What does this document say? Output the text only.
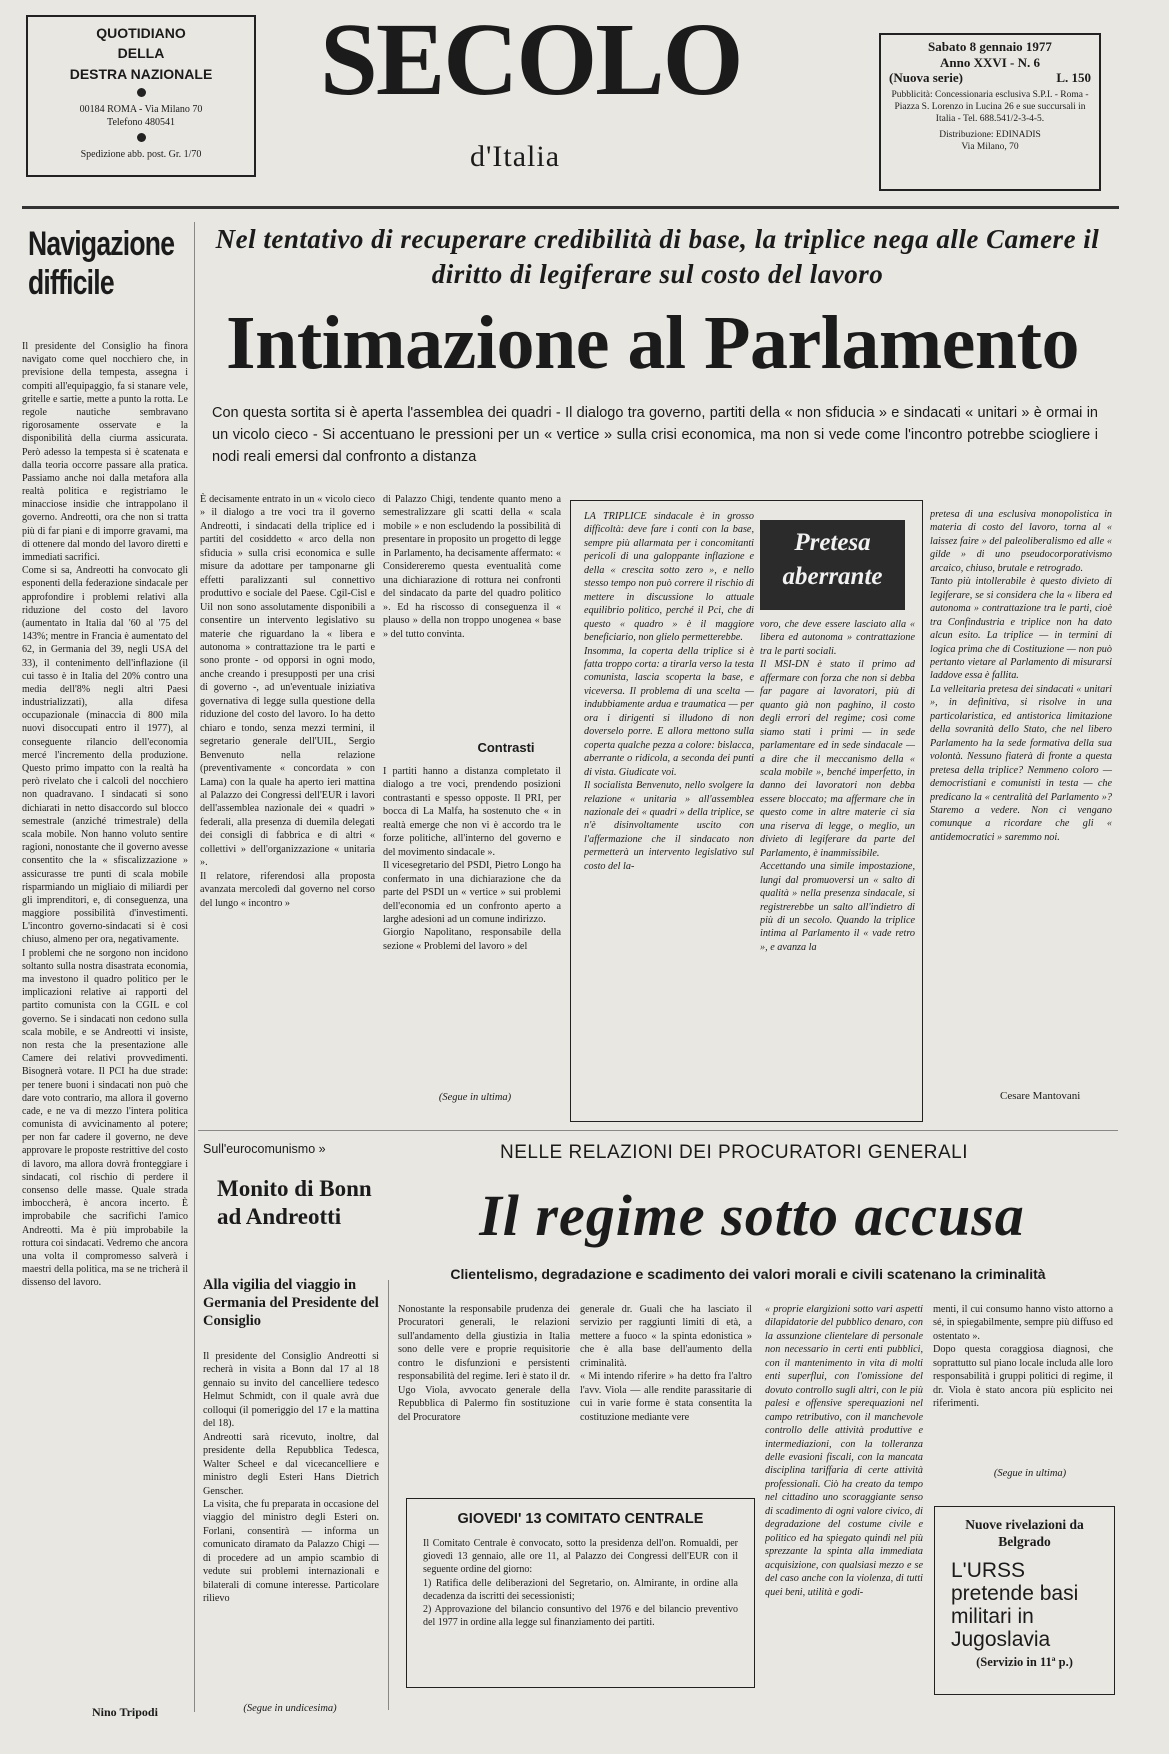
QUOTIDIANO
DELLA
DESTRA NAZIONALE
00184 ROMA - Via Milano 70
Telefono 480541
Spedizione abb. post. Gr. 1/70
SECOLO
d'Italia
Sabato 8 gennaio 1977
Anno XXVI - N. 6
(Nuova serie)	L. 150
Pubblicità: Concessionaria esclusiva S.P.I. - Roma - Piazza S. Lorenzo in Lucina 26 e sue succursali in Italia - Tel. 688.541/2-3-4-5.
Distribuzione: EDINADIS
Via Milano, 70
Navigazione difficile
Il presidente del Consiglio ha finora navigato come quel nocchiero che, in previsione della tempesta, assegna i compiti all'equipaggio, fa si stanare vele, gritelle e sartie, mette a punto la rotta. Le regole nautiche sembravano rigorosamente osservate e la disponibilità della ciurma assicurata. Però adesso la tempesta si è scatenata e dalla teoria occorre passare alla pratica. Passiamo anche noi dalla metafora alla realtà politica e registriamo le minacciose insidie che intrappolano il governo. Andreotti, ora che non si tratta più di far piani e di imporre gravami, ma di ottenere dal mondo del lavoro diretti e immediati sacrifici.
Come si sa, Andreotti ha convocato gli esponenti della federazione sindacale per approfondire i problemi relativi alla riduzione del costo del lavoro (aumentato in Italia dal '60 al '75 del 143%; mentre in Francia è aumentato del 62, in Germania del 39, negli USA del 33), il contenimento dell'inflazione (il cui tasso è in Italia del 20% contro una media dell'8% negli altri Paesi industrializzati), alla difesa occupazionale (minaccia di 800 mila nuovi disoccupati entro il 1977), al conseguente rilancio dell'economia mercé l'incremento della produzione. Questo primo impatto con la realtà ha però rivelato che i calcoli del nocchiero non quadravano. I sindacati si sono dichiarati in netto disaccordo sul blocco semestrale (anziché trimestrale) della scala mobile. Non hanno voluto sentire ragioni, nonostante che il governo avesse consentito che la « sfiscalizzazione » assicurasse tre punti di scala mobile risparmiando un migliaio di miliardi per gli imprenditori, e, di conseguenza, una maggiore possibilità d'investimenti. L'incontro governo-sindacati si è così chiuso, almeno per ora, negativamente.
I problemi che ne sorgono non incidono soltanto sulla nostra disastrata economia, ma investono il quadro politico per le implicazioni relative ai rapporti del partito comunista con la CGIL e col governo. Se i sindacati non cedono sulla scala mobile, e se Andreotti vi insiste, non resta che la presentazione alle Camere dei relativi provvedimenti. Bisognerà votare. Il PCI ha due strade: per tenere buoni i sindacati non può che dare voto contrario, ma allora il governo cade, e ne va di mezzo l'intera politica comunista di avvicinamento al potere; per non far cadere il governo, ne deve approvare le proposte restrittive del costo di lavoro, ma allora dovrà fronteggiare i sindacati, col rischio di perdere il consenso delle masse. Quale strada imboccherà, è ancora incerto. È improbabile che sacrifichi l'amico Andreotti. Ma è più improbabile la rottura coi sindacati. Vedremo che ancora una volta il compromesso salverà i maestri della politica, ma se ne tricherà il dissenso del lavoro.
Nino Tripodi
Nel tentativo di recuperare credibilità di base, la triplice nega alle Camere il diritto di legiferare sul costo del lavoro
Intimazione al Parlamento
Con questa sortita si è aperta l'assemblea dei quadri - Il dialogo tra governo, partiti della « non sfiducia » e sindacati « unitari » è ormai in un vicolo cieco - Si accentuano le pressioni per un « vertice » sulla crisi economica, ma non si vede come l'incontro potrebbe sciogliere i nodi reali emersi dal confronto a distanza
È decisamente entrato in un « vicolo cieco » il dialogo a tre voci tra il governo Andreotti, i sindacati della triplice ed i partiti del cosiddetto « arco della non sfiducia » sulla crisi economica e sulle misure da adottare per tamponarne gli effetti paralizzanti sul connettivo produttivo e sociale del Paese. Cgil-Cisl e Uil non sono assolutamente disponibili a consentire un intervento legislativo su materie che riguardano la « libera e autonoma » contrattazione tra le parti e sono pronte - od opporsi in ogni modo, anche creando i presupposti per una crisi di governo -, ad un'eventuale iniziativa governativa di legge sulla questione della riduzione del costo del lavoro. Io ha detto chiaro e tondo, senza mezzi termini, il segretario generale dell'UIL, Sergio Benvenuto nella relazione (preventivamente « concordata » con Lama) con la quale ha aperto ieri mattina al Palazzo dei Congressi dell'EUR i lavori dell'assemblea nazionale dei « quadri » federali, alla presenza di duemila delegati dei consigli di fabbrica e di altri « collettivi » dell'organizzazione « unitaria ».
Il relatore, riferendosi alla proposta avanzata mercoledì dal governo nel corso del lungo « incontro »
di Palazzo Chigi, tendente quanto meno a semestralizzare gli scatti della « scala mobile » e non escludendo la possibilità di presentare in proposito un progetto di legge in Parlamento, ha decisamente affermato: « Considereremo questa eventualità come una dichiarazione di rottura nei confronti del sindacato da parte del quadro politico ». Ed ha riscosso di conseguenza il « plauso » della non troppo unogenea « base » del tutto convinta.
Contrasti
I partiti hanno a distanza completato il dialogo a tre voci, prendendo posizioni contrastanti e spesso opposte. Il PRI, per bocca di La Malfa, ha sostenuto che « in realtà emerge che non vi è accordo tra le forze politiche, all'interno del governo e del movimento sindacale ».
Il vicesegretario del PSDI, Pietro Longo ha confermato in una dichiarazione che da parte del PSDI un « vertice » sui problemi dell'economia ed un confronto aperto a larghe adesioni ad un comune indirizzo.
Giorgio Napolitano, responsabile della sezione « Problemi del lavoro » del
(Segue in ultima)
LA TRIPLICE sindacale è in grosso difficoltà: deve fare i conti con la base, sempre più allarmata per i concomitanti pericoli di una galoppante inflazione e della « crescita sotto zero », e nello stesso tempo non può correre il rischio di mettere in discussione lo attuale equilibrio politico, perché il Pci, che di questo « quadro » è il maggiore beneficiario, non glielo permetterebbe.
Insomma, la coperta della triplice si è fatta troppo corta: a tirarla verso la testa comunista, lascia scoperta la base, e viceversa. Il problema di una scelta — indubbiamente ardua e traumatica — per ora i dirigenti si illudono di non doverselo porre. E allora mettono sulla coperta qualche pezza a colore: bislacca, aberrante o ridicola, a seconda dei punti di vista. Giudicate voi.
Il socialista Benvenuto, nello svolgere la relazione « unitaria » all'assemblea nazionale dei « quadri » della triplice, se n'è disinvoltamente uscito con l'affermazione che il sindacato non permetterà un intervento legislativo sul costo del la-
Pretesa aberrante
voro, che deve essere lasciato alla « libera ed autonoma » contrattazione tra le parti sociali.
Il MSI-DN è stato il primo ad affermare con forza che non si debba far pagare ai lavoratori, più di quanto già non paghino, il costo degli errori del regime; così come siamo stati i primi — in sede parlamentare ed in sede sindacale — a dire che il meccanismo della « scala mobile », benché imperfetto, in danno dei lavoratori non debba essere bloccato; ma affermare che in questo come in altre materie ci sia una riserva di legge, o meglio, un divieto di legiferare da parte del Parlamento, è inammissibile.
Accettando una simile impostazione, lungi dal promuoversi un « salto di qualità » nella presenza sindacale, si registrerebbe un salto all'indietro di più di un secolo. Quando la triplice intima al Parlamento il « vade retro », e avanza la
pretesa di una esclusiva monopolistica in materia di costo del lavoro, torna al « laissez faire » del paleoliberalismo ed alle « gilde » di uno pseudocorporativismo arcaico, chiuso, brutale e retrogrado.
Tanto più intollerabile è questo divieto di legiferare, se si considera che la « libera ed autonoma » contrattazione tra le parti, cioè tra Confindustria e triplice non ha dato alcun esito. La triplice — in termini di logica prima che di Costituzione — non può pertanto vietare al Parlamento di misurarsi laddove essa è fallita.
La velleitaria pretesa dei sindacati « unitari », in definitiva, si risolve in una particolaristica, ed antistorica limitazione della sovranità dello Stato, che nel libero Parlamento ha la sede formativa della sua volontà. Nessuno fiaterà di fronte a questa pretesa della triplice? Nemmeno coloro — democristiani e comunisti in testa — che predicano la « centralità del Parlamento »? Staremo a vedere. Non ci vengano comunque a ricordare che gli « antidemocratici » saremmo noi.
Cesare Mantovani
Sull'eurocomunismo »
Monito di Bonn ad Andreotti
Alla vigilia del viaggio in Germania del Presidente del Consiglio
Il presidente del Consiglio Andreotti si recherà in visita a Bonn dal 17 al 18 gennaio su invito del cancelliere tedesco Helmut Schmidt, con il quale avrà due colloqui (il pomeriggio del 17 e la mattina del 18).
Andreotti sarà ricevuto, inoltre, dal presidente della Repubblica Tedesca, Walter Scheel e dal vicecancelliere e ministro degli Esteri Hans Dietrich Genscher.
La visita, che fu preparata in occasione del viaggio del ministro degli Esteri on. Forlani, consentirà — informa un comunicato diramato da Palazzo Chigi — di procedere ad un ampio scambio di vedute sui problemi internazionali e bilaterali di comune interesse. Particolare rilievo
(Segue in undicesima)
NELLE RELAZIONI DEI PROCURATORI GENERALI
Il regime sotto accusa
Clientelismo, degradazione e scadimento dei valori morali e civili scatenano la criminalità
Nonostante la responsabile prudenza dei Procuratori generali, le relazioni sull'andamento della giustizia in Italia sono delle vere e proprie requisitorie contro le disfunzioni e persistenti responsabilità del regime. Ieri è stato il dr. Ugo Viola, avvocato generale della Repubblica di Palermo fin sostituzione del Procuratore
generale dr. Guali che ha lasciato il servizio per raggiunti limiti di età, a mettere a fuoco « la spinta edonistica » che è alla base dell'aumento della criminalità.
« Mi intendo riferire » ha detto fra l'altro l'avv. Viola — alle rendite parassitarie di cui in varie forme è stata consentita la costituzione mediante vere
« proprie elargizioni sotto vari aspetti dilapidatorie del pubblico denaro, con la assunzione clientelare di personale non necessario in certi enti pubblici, con il mantenimento in vita di molti enti superflui, con l'omissione del dovuto controllo sugli altri, con le più palesi e offensive sperequazioni nel campo retributivo, con il manchevole controllo delle attività produttive e intermediazioni, con la tolleranza delle evasioni fiscali, con la mancata disciplina tariffaria di certe attività professionali. Ciò ha creato da tempo nel cittadino uno scoraggiante senso di scadimento di ogni valore civico, di degradazione del costume civile e politico ed ha spiegato quindi nel più sprezzante la spinta alla immediata acquisizione, con qualsiasi mezzo e se del caso anche con la violenza, di tutti quei beni, utilità e godi-
menti, il cui consumo hanno visto attorno a sé, in spiegabilmente, sempre più diffuso ed ostentato ».
Dopo questa coraggiosa diagnosi, che soprattutto sul piano locale includa alle loro responsabilità i gruppi politici di regime, il dr. Viola è stato ancora più esplicito nei riferimenti.
(Segue in ultima)
GIOVEDI' 13 COMITATO CENTRALE
Il Comitato Centrale è convocato, sotto la presidenza dell'on. Romualdi, per giovedì 13 gennaio, alle ore 11, al Palazzo dei Congressi dell'EUR con il seguente ordine del giorno:
1) Ratifica delle deliberazioni del Segretario, on. Almirante, in ordine alla decadenza da iscritti dei secessionisti;
2) Approvazione del bilancio consuntivo del 1976 e del bilancio preventivo del 1977 in ordine alla legge sul finanziamento dei partiti.
Nuove rivelazioni da Belgrado
L'URSS pretende basi militari in Jugoslavia
(Servizio in 11ª p.)
